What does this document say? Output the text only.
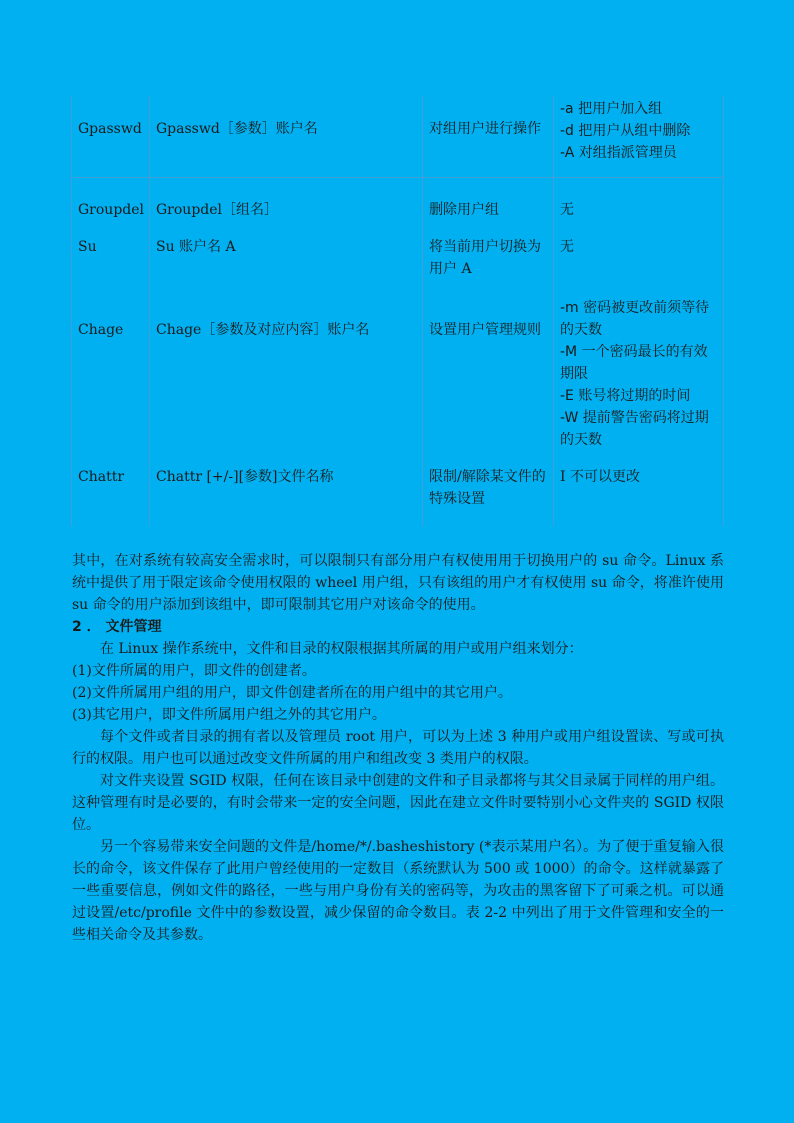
Gpasswd	Gpasswd［参数］账户名	对组用户进行操作	-a 把用户加入组
-d 把用户从组中删除
-A 对组指派管理员

Groupdel	Groupdel［组名］	删除用户组	无

Su	Su 账户名 A	将当前用户切换为用户 A	无

Chage	Chage［参数及对应内容］账户名	设置用户管理规则	-m 密码被更改前须等待的天数
-M 一个密码最长的有效期限
-E 账号将过期的时间
-W 提前警告密码将过期的天数

Chattr	Chattr [+/-][参数]文件名称	限制/解除某文件的特殊设置	I 不可以更改

其中，在对系统有较高安全需求时，可以限制只有部分用户有权使用用于切换用户的 su 命令。Linux 系统中提供了用于限定该命令使用权限的 wheel 用户组，只有该组的用户才有权使用 su 命令，将准许使用 su 命令的用户添加到该组中，即可限制其它用户对该命令的使用。

2 ． 文件管理

在 Linux 操作系统中，文件和目录的权限根据其所属的用户或用户组来划分：

(1)文件所属的用户，即文件的创建者。

(2)文件所属用户组的用户，即文件创建者所在的用户组中的其它用户。

(3)其它用户，即文件所属用户组之外的其它用户。

每个文件或者目录的拥有者以及管理员 root 用户，可以为上述 3 种用户或用户组设置读、写或可执行的权限。用户也可以通过改变文件所属的用户和组改变 3 类用户的权限。

对文件夹设置 SGID 权限，任何在该目录中创建的文件和子目录都将与其父目录属于同样的用户组。这种管理有时是必要的，有时会带来一定的安全问题，因此在建立文件时要特别小心文件夹的 SGID 权限位。

另一个容易带来安全问题的文件是/home/*/.basheshistory (*表示某用户名）。为了便于重复输入很长的命令，该文件保存了此用户曾经使用的一定数目（系统默认为 500 或 1000）的命令。这样就暴露了一些重要信息，例如文件的路径，一些与用户身份有关的密码等，为攻击的黑客留下了可乘之机。可以通过设置/etc/profile 文件中的参数设置，减少保留的命令数目。表 2-2 中列出了用于文件管理和安全的一些相关命令及其参数。
